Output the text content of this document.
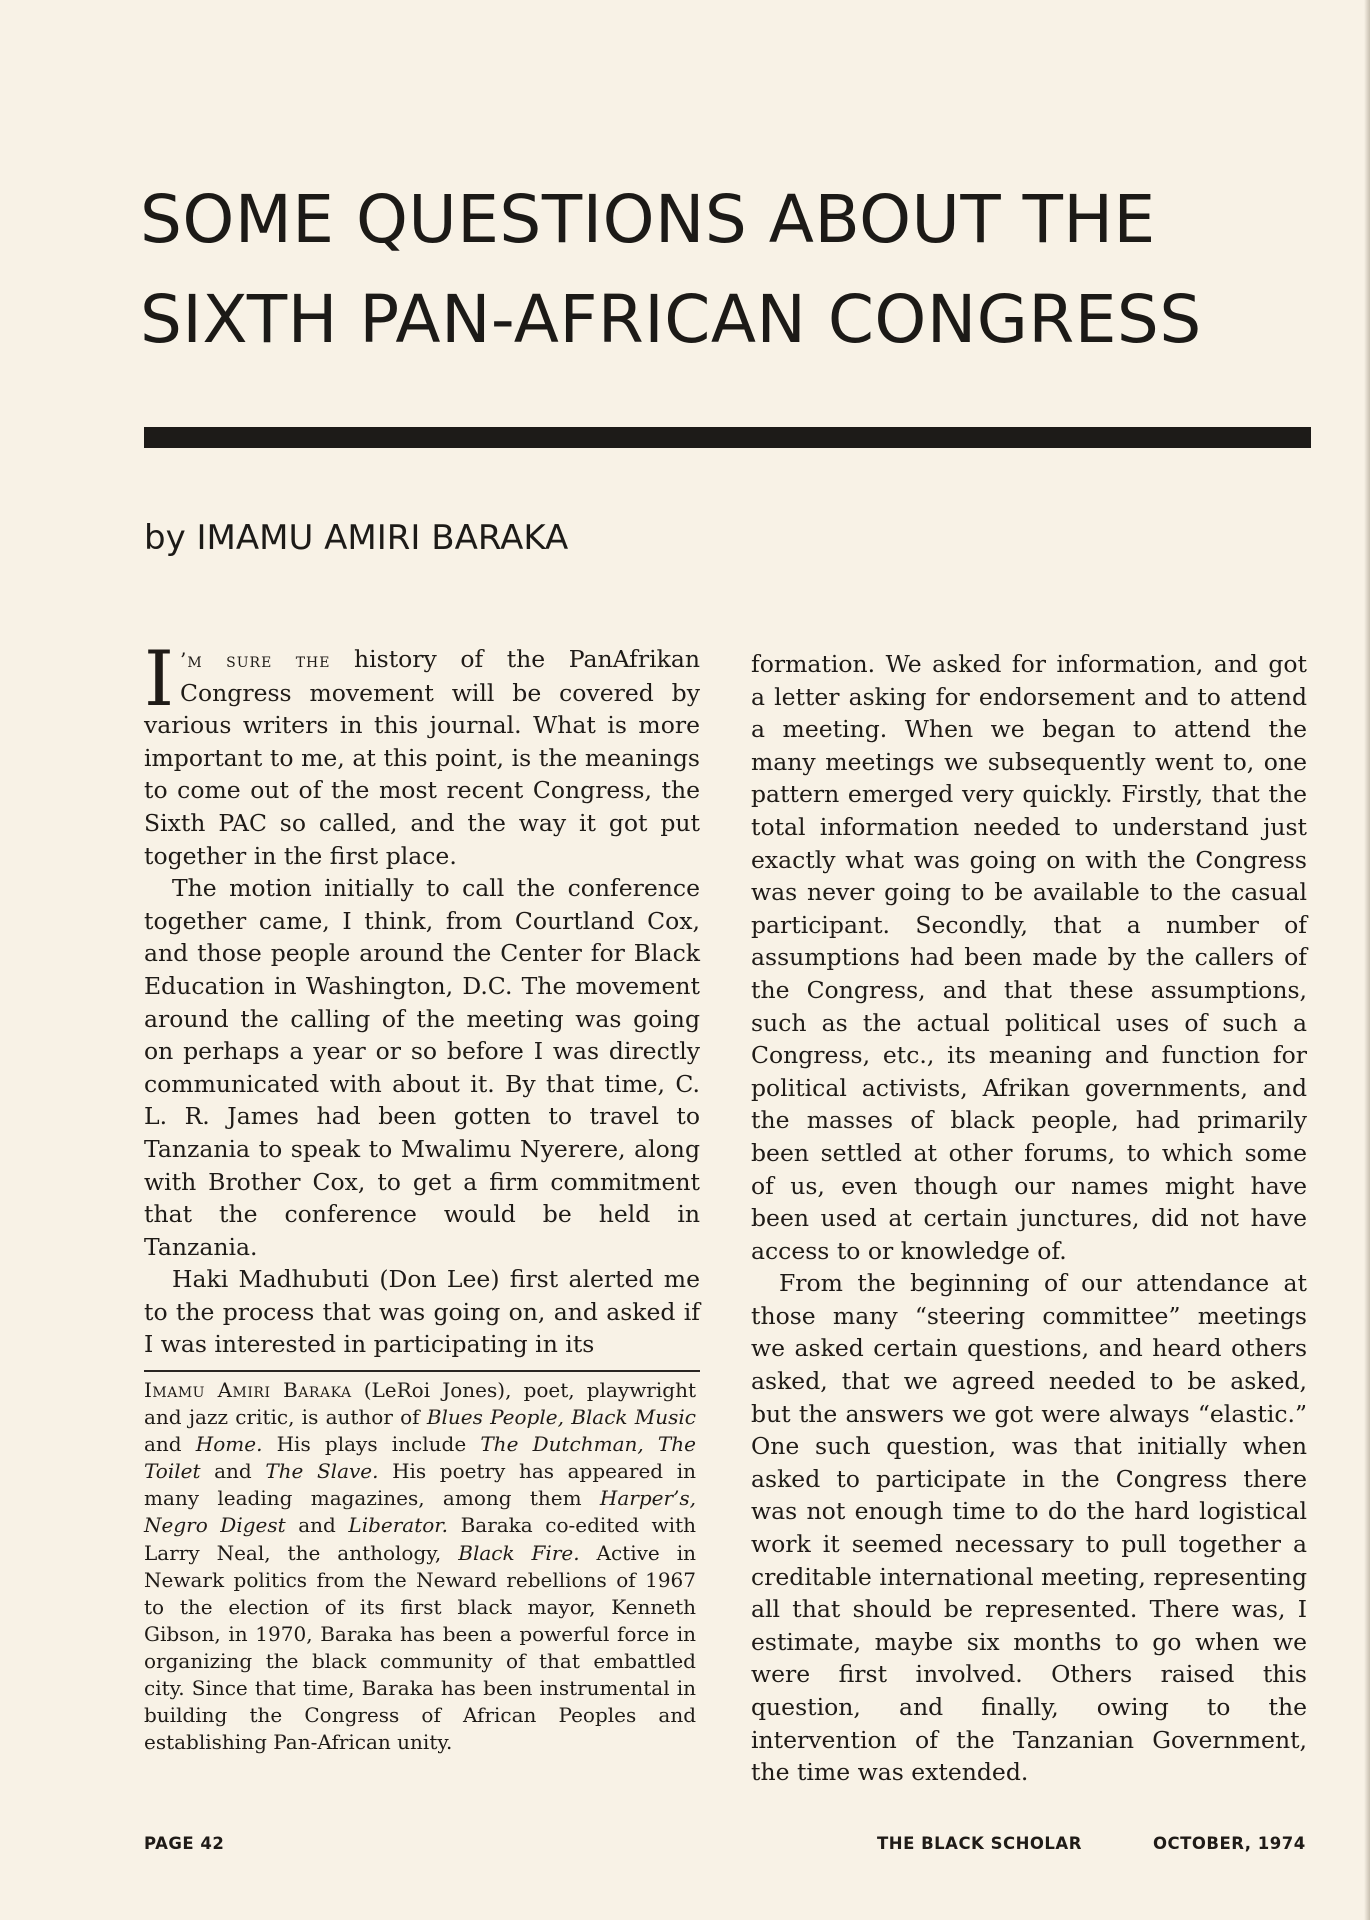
SOME QUESTIONS ABOUT THE
SIXTH PAN-AFRICAN CONGRESS
by IMAMU AMIRI BARAKA

I ’m sure the history of the PanAfrikan Congress movement will be covered by various writers in this journal. What is more important to me, at this point, is the meanings to come out of the most recent Congress, the Sixth PAC so called, and the way it got put together in the first place.

The motion initially to call the conference together came, I think, from Courtland Cox, and those people around the Center for Black Education in Washington, D.C. The movement around the calling of the meeting was going on perhaps a year or so before I was directly communicated with about it. By that time, C. L. R. James had been gotten to travel to Tanzania to speak to Mwalimu Nyerere, along with Brother Cox, to get a firm commitment that the conference would be held in Tanzania.

Haki Madhubuti (Don Lee) first alerted me to the process that was going on, and asked if I was interested in participating in its

Imamu Amiri Baraka (LeRoi Jones), poet, playwright and jazz critic, is author of Blues People, Black Music and Home. His plays include The Dutchman, The Toilet and The Slave. His poetry has appeared in many leading magazines, among them Harper’s, Negro Digest and Liberator. Baraka co-edited with Larry Neal, the anthology, Black Fire. Active in Newark politics from the Neward rebellions of 1967 to the election of its first black mayor, Kenneth Gibson, in 1970, Baraka has been a powerful force in organizing the black community of that embattled city. Since that time, Baraka has been instrumental in building the Congress of African Peoples and establishing Pan-African unity.

formation. We asked for information, and got a letter asking for endorsement and to attend a meeting. When we began to attend the many meetings we subsequently went to, one pattern emerged very quickly. Firstly, that the total information needed to understand just exactly what was going on with the Congress was never going to be available to the casual participant. Secondly, that a number of assumptions had been made by the callers of the Congress, and that these assumptions, such as the actual political uses of such a Congress, etc., its meaning and function for political activists, Afrikan governments, and the masses of black people, had primarily been settled at other forums, to which some of us, even though our names might have been used at certain junctures, did not have access to or knowledge of.

From the beginning of our attendance at those many “steering committee” meetings we asked certain questions, and heard others asked, that we agreed needed to be asked, but the answers we got were always “elastic.” One such question, was that initially when asked to participate in the Congress there was not enough time to do the hard logistical work it seemed necessary to pull together a creditable international meeting, representing all that should be represented. There was, I estimate, maybe six months to go when we were first involved. Others raised this question, and finally, owing to the intervention of the Tanzanian Government, the time was extended.

PAGE 42	THE BLACK SCHOLAR	OCTOBER, 1974
